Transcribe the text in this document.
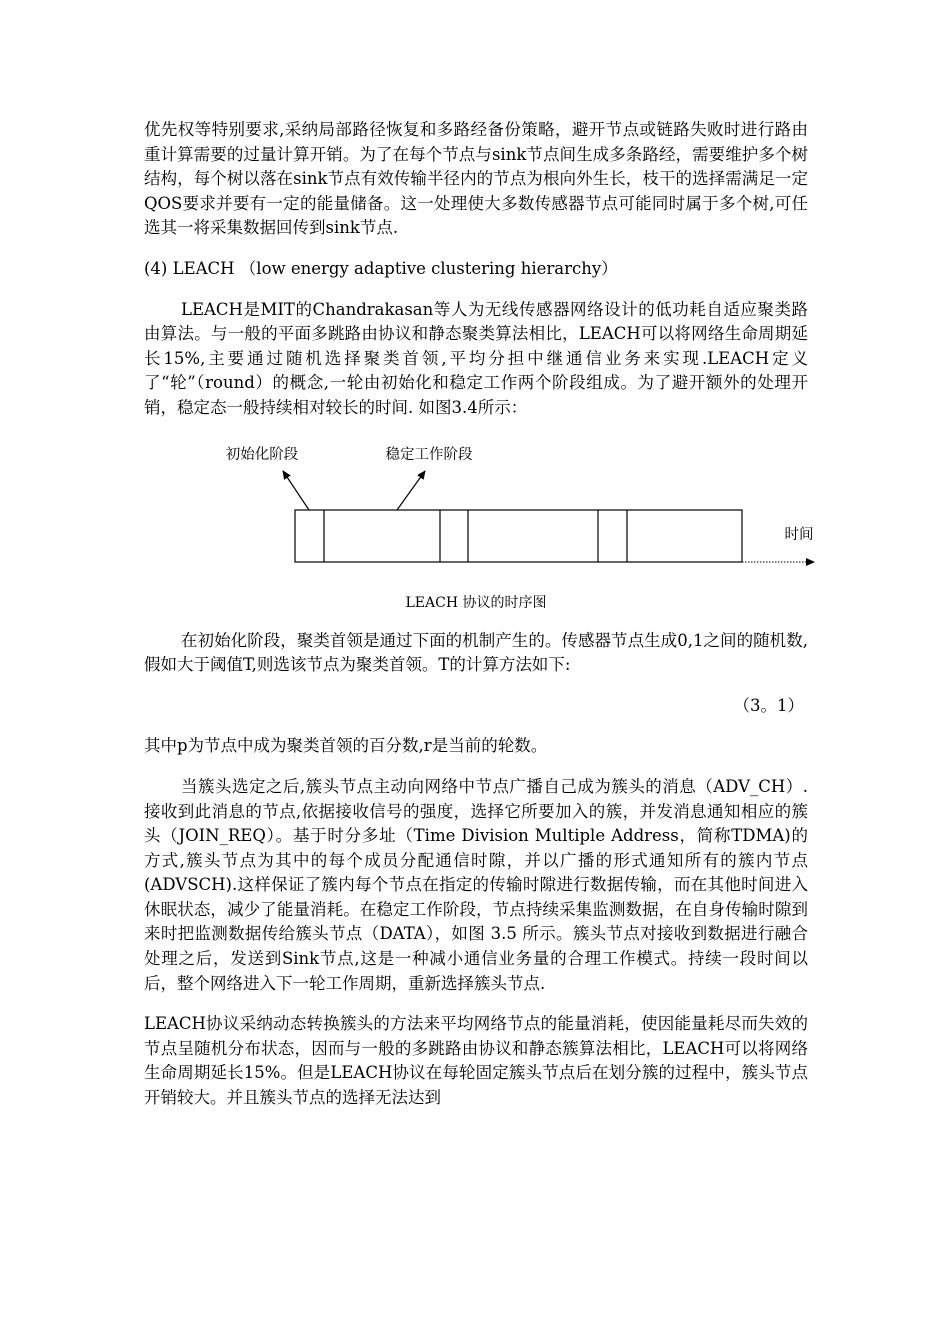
优先权等特别要求,采纳局部路径恢复和多路经备份策略，避开节点或链路失败时进行路由重计算需要的过量计算开销。为了在每个节点与sink节点间生成多条路经，需要维护多个树结构，每个树以落在sink节点有效传输半径内的节点为根向外生长，枝干的选择需满足一定QOS要求并要有一定的能量储备。这一处理使大多数传感器节点可能同时属于多个树,可任选其一将采集数据回传到sink节点.

(4) LEACH （low energy adaptive clustering hierarchy）

LEACH是MIT的Chandrakasan等人为无线传感器网络设计的低功耗自适应聚类路由算法。与一般的平面多跳路由协议和静态聚类算法相比，LEACH可以将网络生命周期延长15%,主要通过随机选择聚类首领,平均分担中继通信业务来实现.LEACH定义了“轮”（round）的概念,一轮由初始化和稳定工作两个阶段组成。为了避开额外的处理开销，稳定态一般持续相对较长的时间. 如图3.4所示：

初始化阶段	稳定工作阶段
时间

LEACH 协议的时序图

在初始化阶段，聚类首领是通过下面的机制产生的。传感器节点生成0,1之间的随机数,假如大于阈值T,则选该节点为聚类首领。T的计算方法如下:

（3。1）

其中p为节点中成为聚类首领的百分数,r是当前的轮数。

当簇头选定之后,簇头节点主动向网络中节点广播自己成为簇头的消息（ADV_CH）.接收到此消息的节点,依据接收信号的强度，选择它所要加入的簇，并发消息通知相应的簇头（JOIN_REQ）。基于时分多址（Time Division Multiple Address，简称TDMA)的方式,簇头节点为其中的每个成员分配通信时隙，并以广播的形式通知所有的簇内节点(ADVSCH).这样保证了簇内每个节点在指定的传输时隙进行数据传输，而在其他时间进入休眠状态，减少了能量消耗。在稳定工作阶段，节点持续采集监测数据，在自身传输时隙到来时把监测数据传给簇头节点（DATA），如图 3.5 所示。簇头节点对接收到数据进行融合处理之后，发送到Sink节点,这是一种减小通信业务量的合理工作模式。持续一段时间以后，整个网络进入下一轮工作周期，重新选择簇头节点.

LEACH协议采纳动态转换簇头的方法来平均网络节点的能量消耗，使因能量耗尽而失效的节点呈随机分布状态，因而与一般的多跳路由协议和静态簇算法相比，LEACH可以将网络生命周期延长15%。但是LEACH协议在每轮固定簇头节点后在划分簇的过程中，簇头节点开销较大。并且簇头节点的选择无法达到
